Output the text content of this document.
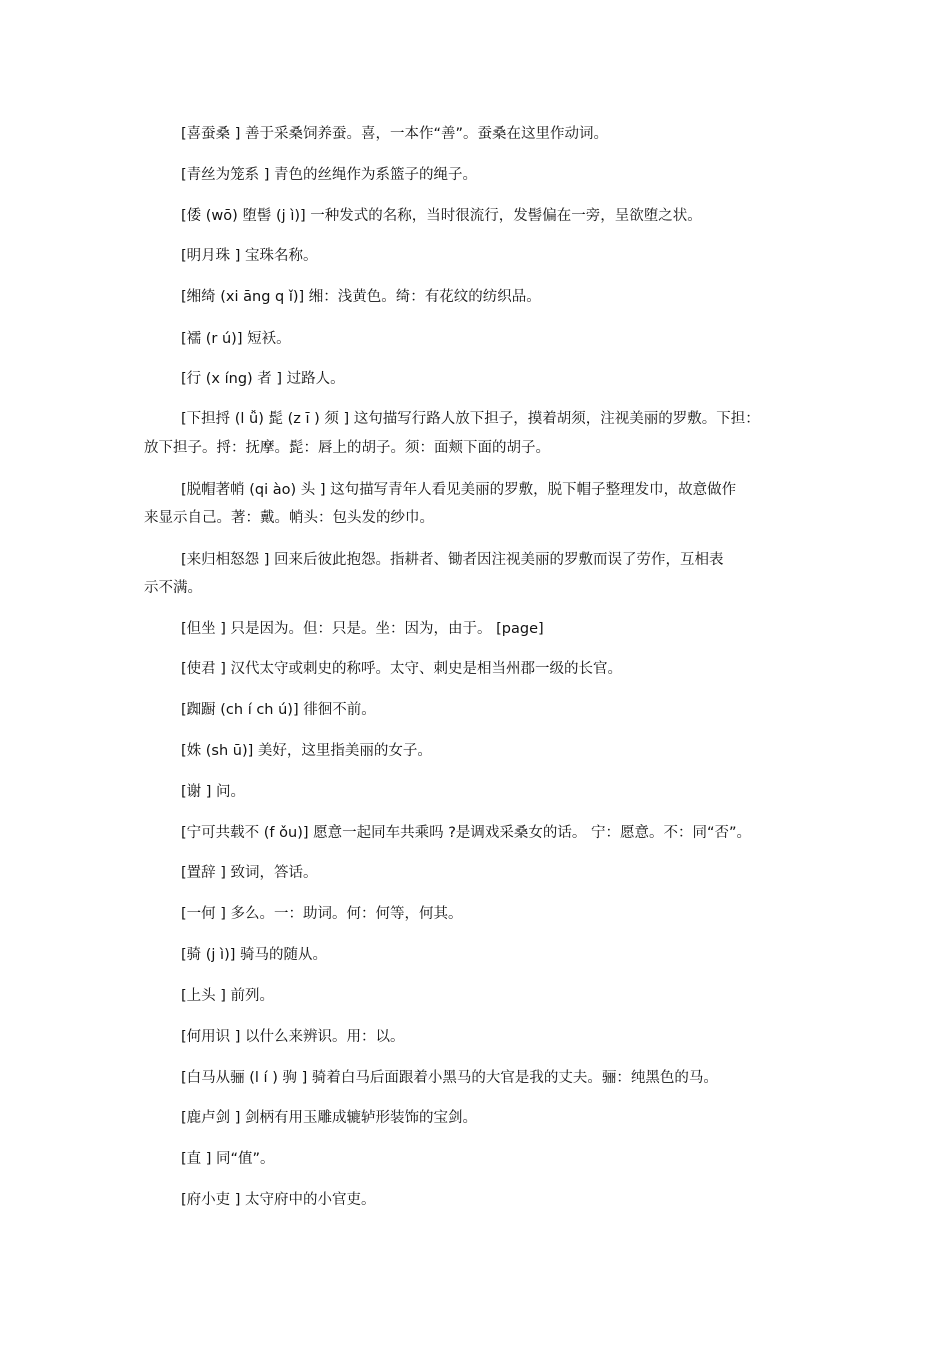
[喜蚕桑 ] 善于采桑饲养蚕。喜，一本作“善”。蚕桑在这里作动词。
[青丝为笼系 ] 青色的丝绳作为系篮子的绳子。
[倭 (wō) 堕髻 (j ì)] 一种发式的名称，当时很流行，发髻偏在一旁，呈欲堕之状。
[明月珠 ] 宝珠名称。
[缃绮 (xi āng q ǐ)] 缃：浅黄色。绮：有花纹的纺织品。
[襦 (r ú)] 短袄。
[行 (x íng) 者 ] 过路人。
[下担捋 (l ǚ) 髭 (z ī ) 须 ] 这句描写行路人放下担子，摸着胡须，注视美丽的罗敷。下担：
放下担子。捋：抚摩。髭：唇上的胡子。须：面颊下面的胡子。
[脱帽著帩 (qi ào) 头 ] 这句描写青年人看见美丽的罗敷，脱下帽子整理发巾，故意做作
来显示自己。著：戴。帩头：包头发的纱巾。
[来归相怒怨 ] 回来后彼此抱怨。指耕者、锄者因注视美丽的罗敷而误了劳作，互相表
示不满。
[但坐 ] 只是因为。但：只是。坐：因为，由于。 [page]
[使君 ] 汉代太守或刺史的称呼。太守、刺史是相当州郡一级的长官。
[踟蹰 (ch í ch ú)] 徘徊不前。
[姝 (sh ū)] 美好，这里指美丽的女子。
[谢 ] 问。
[宁可共载不 (f ǒu)] 愿意一起同车共乘吗 ?是调戏采桑女的话。 宁：愿意。不：同“否”。
[置辞 ] 致词，答话。
[一何 ] 多么。一：助词。何：何等，何其。
[骑 (j ì)] 骑马的随从。
[上头 ] 前列。
[何用识 ] 以什么来辨识。用：以。
[白马从骊 (l í ) 驹 ] 骑着白马后面跟着小黑马的大官是我的丈夫。骊：纯黑色的马。
[鹿卢剑 ] 剑柄有用玉雕成辘轳形装饰的宝剑。
[直 ] 同“值”。
[府小吏 ] 太守府中的小官吏。
